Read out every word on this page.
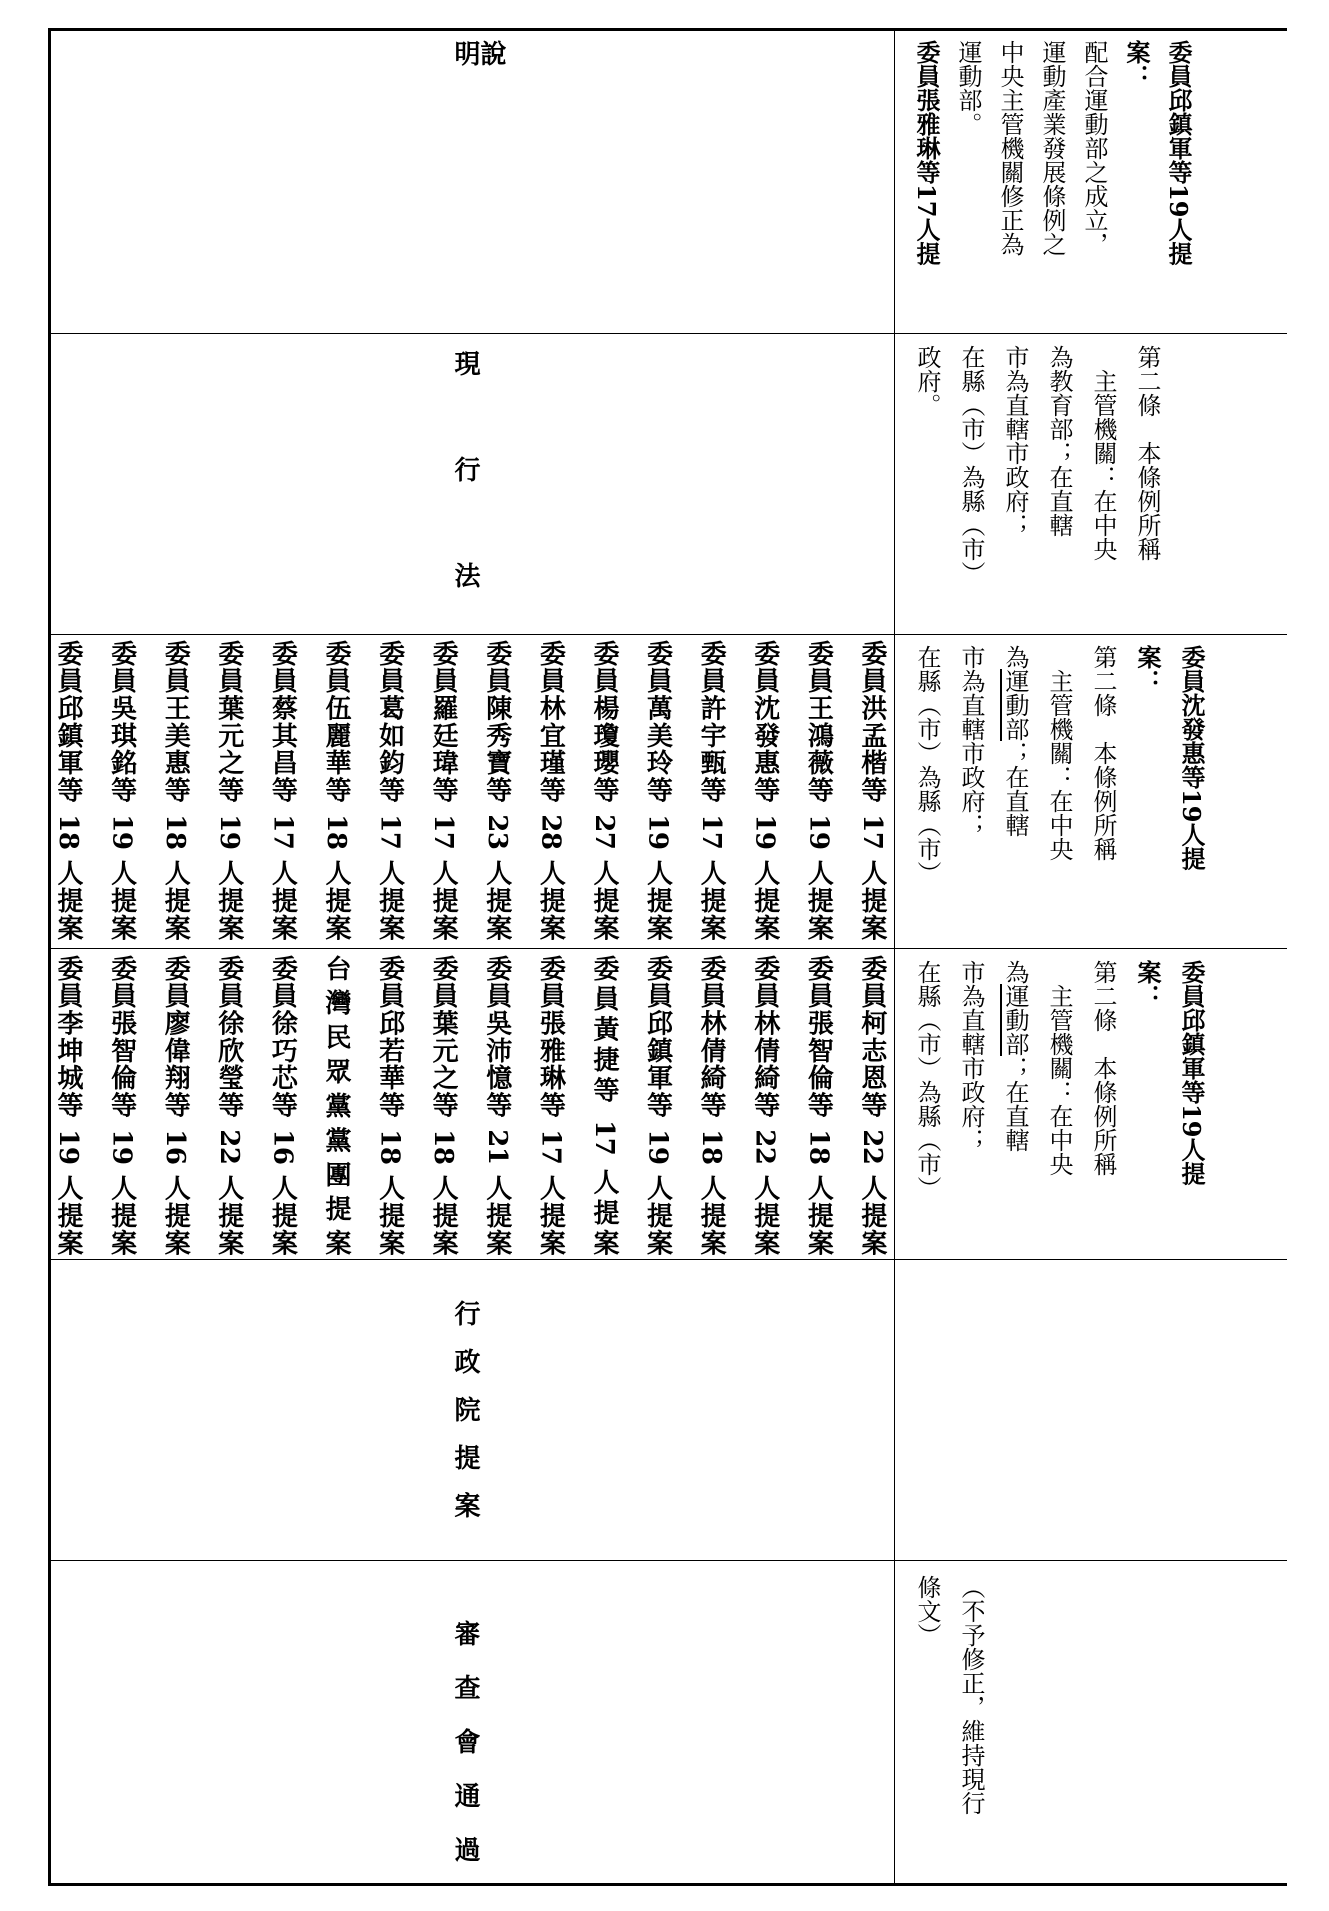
說
明
現行法
行政院提案
審查會通過
委員柯志恩等 22 人提案
委員張智倫等 18 人提案
委員林倩綺等 22 人提案
委員林倩綺等 18 人提案
委員邱鎮軍等 19 人提案
委員黃捷等 17 人提案
委員張雅琳等 17 人提案
委員吳沛憶等 21 人提案
委員葉元之等 18 人提案
委員邱若華等 18 人提案
台灣民眾黨黨團提案
委員徐巧芯等 16 人提案
委員徐欣瑩等 22 人提案
委員廖偉翔等 16 人提案
委員張智倫等 19 人提案
委員李坤城等 19 人提案
委員洪孟楷等 17 人提案
委員王鴻薇等 19 人提案
委員沈發惠等 19 人提案
委員許宇甄等 17 人提案
委員萬美玲等 19 人提案
委員楊瓊瓔等 27 人提案
委員林宜瑾等 28 人提案
委員陳秀寶等 23 人提案
委員羅廷瑋等 17 人提案
委員葛如鈞等 17 人提案
委員伍麗華等 18 人提案
委員蔡其昌等 17 人提案
委員葉元之等 19 人提案
委員王美惠等 18 人提案
委員吳琪銘等 19 人提案
委員邱鎮軍等 18 人提案
委員邱鎮軍等19人提
案：
配合運動部之成立，
運動產業發展條例之
中央主管機關修正為
運動部。
委員張雅琳等17人提
第二條　本條例所稱
主管機關：在中央
為教育部；在直轄
市為直轄市政府；
在縣（市）為縣（市）
政府。
委員沈發惠等19人提
案：
第二條　本條例所稱
主管機關：在中央
為運動部；在直轄
市為直轄市政府；
在縣（市）為縣（市）
委員邱鎮軍等19人提
案：
第二條　本條例所稱
主管機關：在中央
為運動部；在直轄
市為直轄市政府；
在縣（市）為縣（市）
（不予修正，維持現行
條文）
